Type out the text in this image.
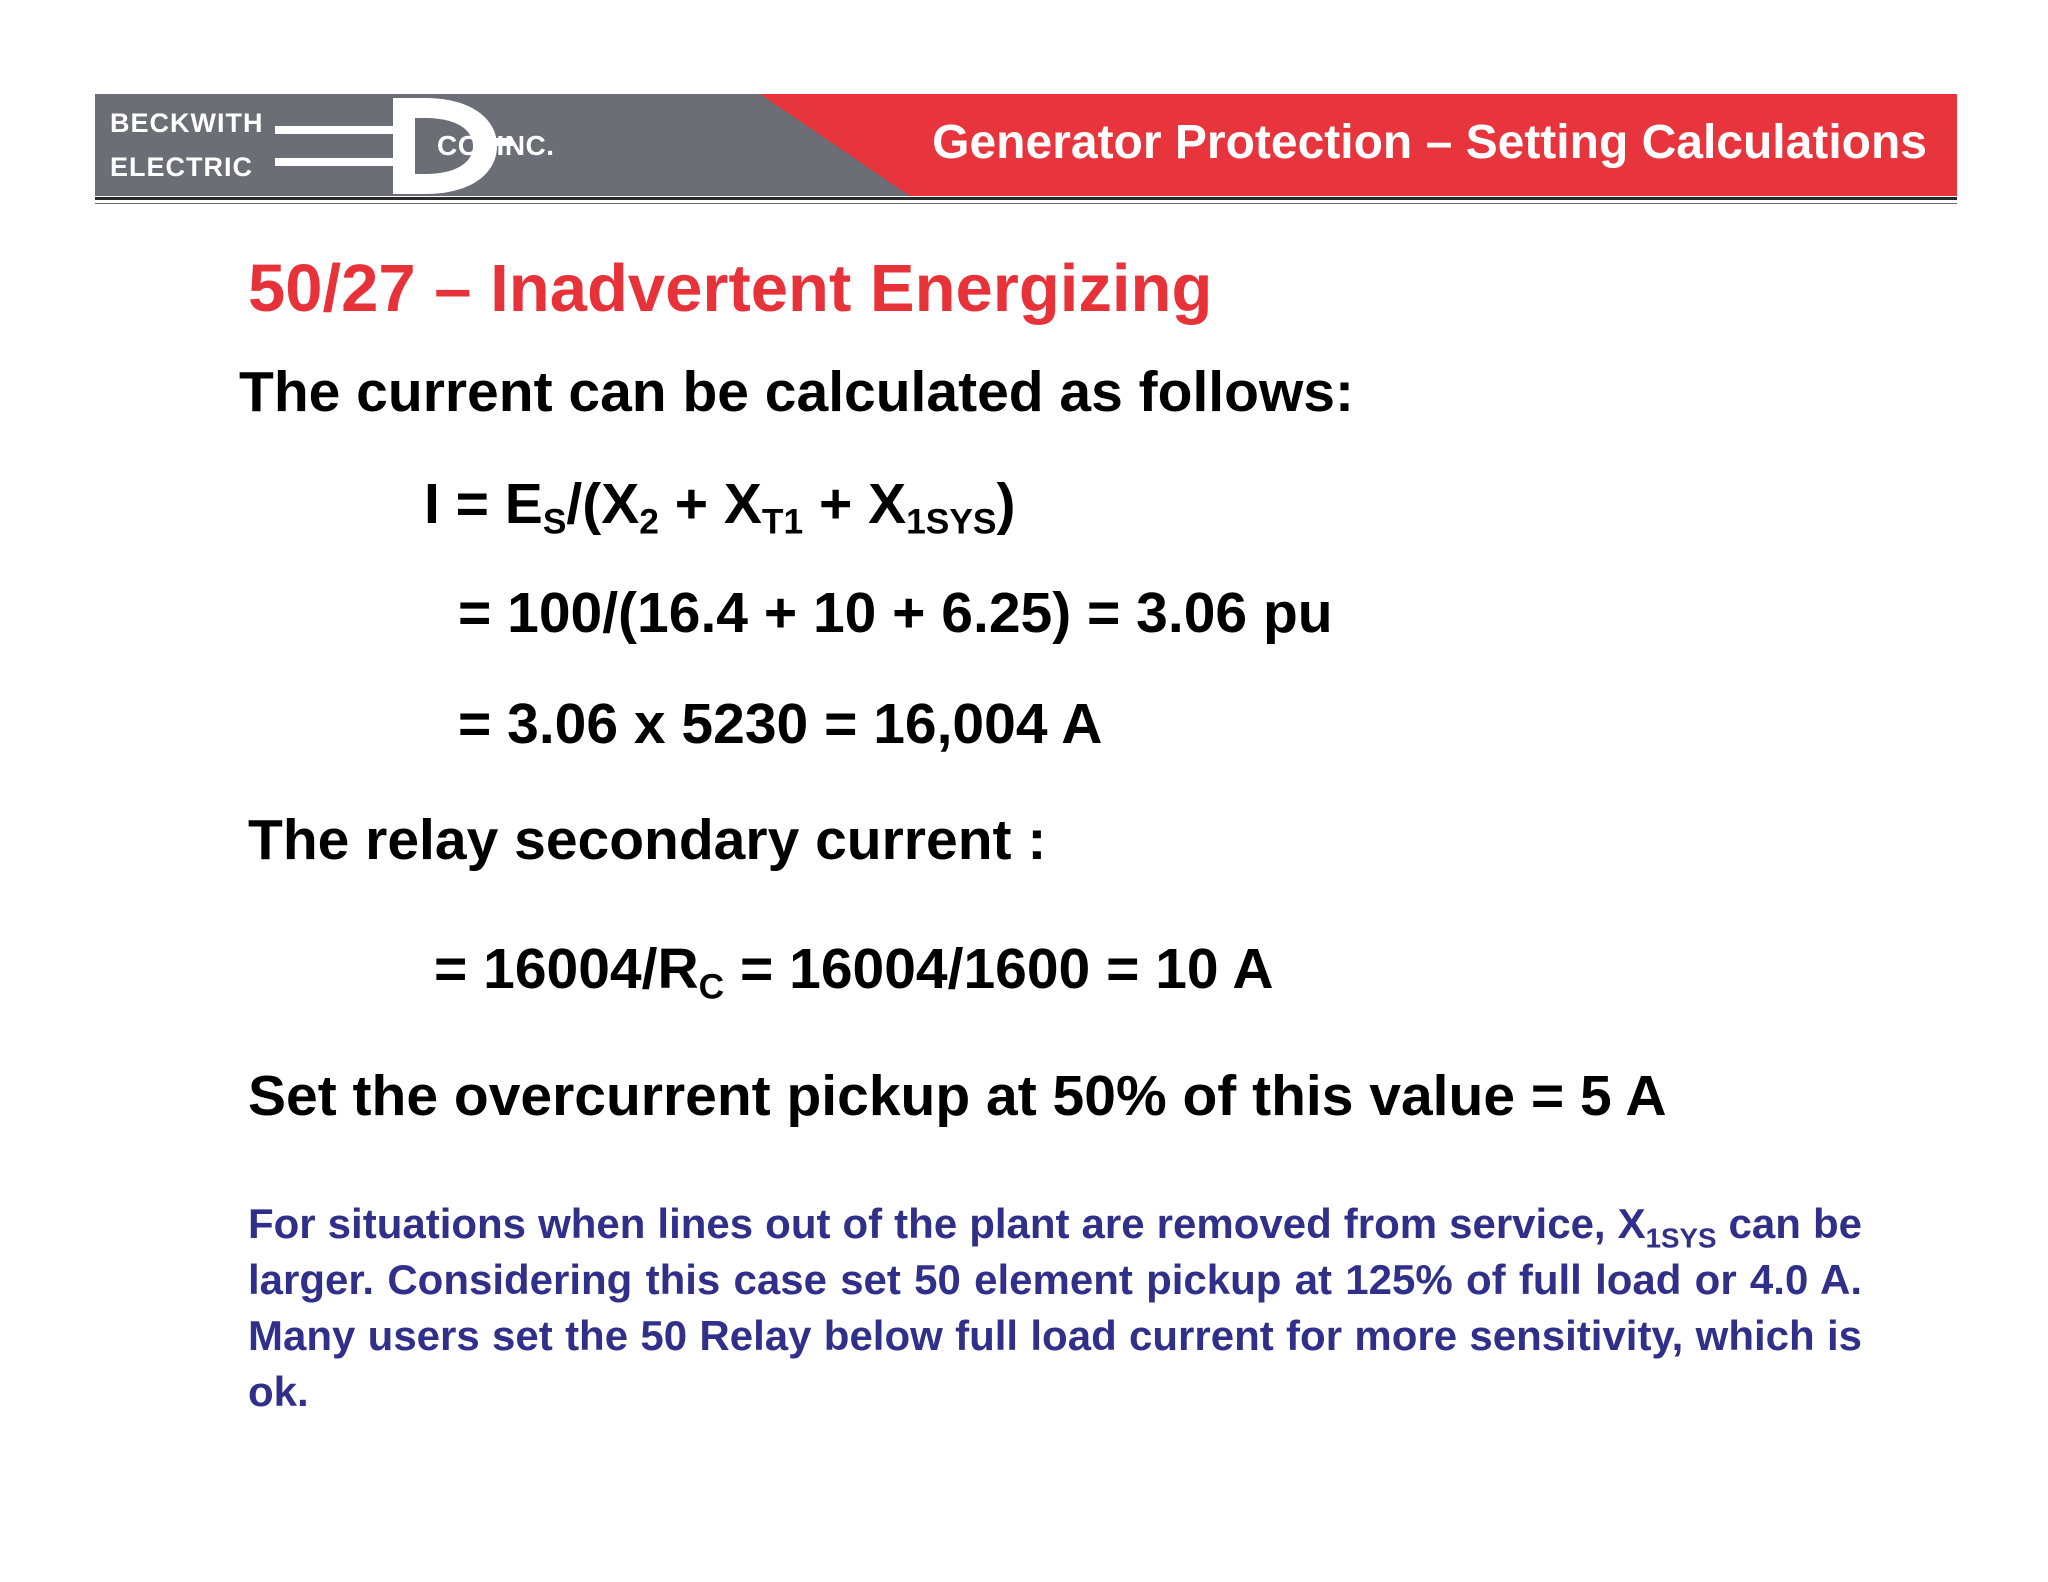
BECKWITH
ELECTRIC
CO. INC.	Generator Protection – Setting Calculations
50/27 – Inadvertent Energizing
The current can be calculated as follows:
$I = E_S/(X_2 + X_{T1} + X_{1SYS})$
= 100/(16.4 + 10 + 6.25) = 3.06 pu
= 3.06 x 5230 = 16,004 A
The relay secondary current :
= $16004/R_C = 16004/1600 = 10$ A
Set the overcurrent pickup at 50% of this value = 5 A
For situations when lines out of the plant are removed from service, $X_{1SYS}$ can be larger. Considering this case set 50 element pickup at 125% of full load or 4.0 A. Many users set the 50 Relay below full load current for more sensitivity, which is ok.
